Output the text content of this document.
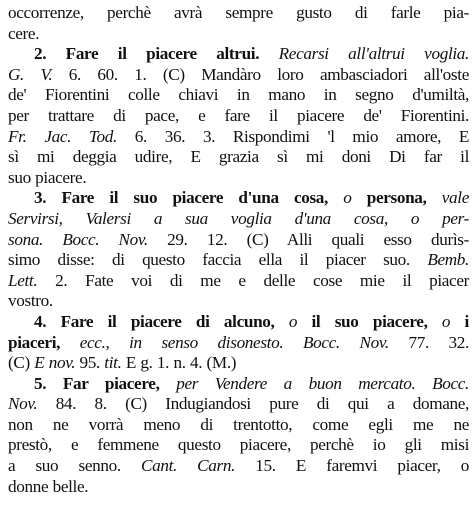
occorrenze, perchè avrà sempre gusto di farle pia-
cere.
2. Fare il piacere altrui. Recarsi all'altrui voglia.
G. V. 6. 60. 1. (C) Mandàro loro ambasciadori all'oste
de' Fiorentini colle chiavi in mano in segno d'umiltà,
per trattare di pace, e fare il piacere de' Fiorentini.
Fr. Jac. Tod. 6. 36. 3. Rispondimi 'l mio amore, E
sì mi deggia udire, E grazia sì mi doni Di far il
suo piacere.
3. Fare il suo piacere d'una cosa, o persona, vale
Servirsi, Valersi a sua voglia d'una cosa, o per-
sona. Bocc. Nov. 29. 12. (C) Alli quali esso durìs-
simo disse: di questo faccia ella il piacer suo. Bemb.
Lett. 2. Fate voi di me e delle cose mie il piacer
vostro.
4. Fare il piacere di alcuno, o il suo piacere, o i
piaceri, ecc., in senso disonesto. Bocc. Nov. 77. 32.
(C) E nov. 95. tit. E g. 1. n. 4. (M.)
5. Far piacere, per Vendere a buon mercato. Bocc.
Nov. 84. 8. (C) Indugiandosi pure di qui a domane,
non ne vorrà meno di trentotto, come egli me ne
prestò, e femmene questo piacere, perchè io gli misi
a suo senno. Cant. Carn. 15. E faremvi piacer, o
donne belle.
